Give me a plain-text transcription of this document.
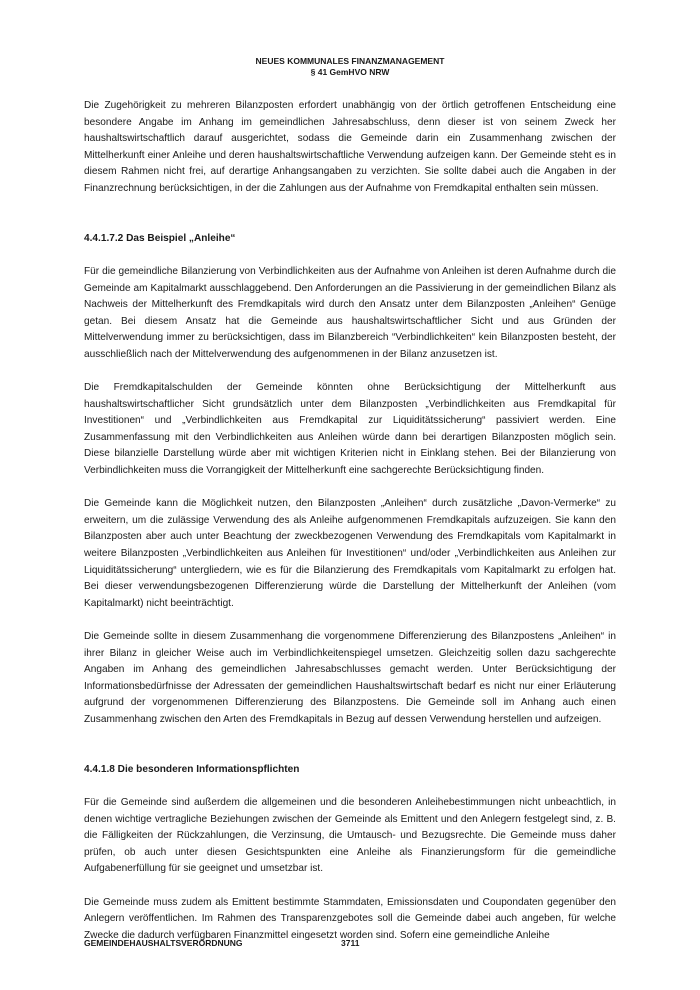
NEUES KOMMUNALES FINANZMANAGEMENT
§ 41 GemHVO NRW

Die Zugehörigkeit zu mehreren Bilanzposten erfordert unabhängig von der örtlich getroffenen Entscheidung eine besondere Angabe im Anhang im gemeindlichen Jahresabschluss, denn dieser ist von seinem Zweck her haushaltswirtschaftlich darauf ausgerichtet, sodass die Gemeinde darin ein Zusammenhang zwischen der Mittelherkunft einer Anleihe und deren haushaltswirtschaftliche Verwendung aufzeigen kann. Der Gemeinde steht es in diesem Rahmen nicht frei, auf derartige Anhangsangaben zu verzichten. Sie sollte dabei auch die Angaben in der Finanzrechnung berücksichtigen, in der die Zahlungen aus der Aufnahme von Fremdkapital enthalten sein müssen.

4.4.1.7.2 Das Beispiel „Anleihe“

Für die gemeindliche Bilanzierung von Verbindlichkeiten aus der Aufnahme von Anleihen ist deren Aufnahme durch die Gemeinde am Kapitalmarkt ausschlaggebend. Den Anforderungen an die Passivierung in der gemeindlichen Bilanz als Nachweis der Mittelherkunft des Fremdkapitals wird durch den Ansatz unter dem Bilanzposten „Anleihen“ Genüge getan. Bei diesem Ansatz hat die Gemeinde aus haushaltswirtschaftlicher Sicht und aus Gründen der Mittelverwendung immer zu berücksichtigen, dass im Bilanzbereich “Verbindlichkeiten“ kein Bilanzposten besteht, der ausschließlich nach der Mittelverwendung des aufgenommenen in der Bilanz anzusetzen ist.

Die Fremdkapitalschulden der Gemeinde könnten ohne Berücksichtigung der Mittelherkunft aus haushaltswirtschaftlicher Sicht grundsätzlich unter dem Bilanzposten „Verbindlichkeiten aus Fremdkapital für Investitionen“ und „Verbindlichkeiten aus Fremdkapital zur Liquiditätssicherung“ passiviert werden. Eine Zusammenfassung mit den Verbindlichkeiten aus Anleihen würde dann bei derartigen Bilanzposten möglich sein. Diese bilanzielle Darstellung würde aber mit wichtigen Kriterien nicht in Einklang stehen. Bei der Bilanzierung von Verbindlichkeiten muss die Vorrangigkeit der Mittelherkunft eine sachgerechte Berücksichtigung finden.

Die Gemeinde kann die Möglichkeit nutzen, den Bilanzposten „Anleihen“ durch zusätzliche „Davon-Vermerke“ zu erweitern, um die zulässige Verwendung des als Anleihe aufgenommenen Fremdkapitals aufzuzeigen. Sie kann den Bilanzposten aber auch unter Beachtung der zweckbezogenen Verwendung des Fremdkapitals vom Kapitalmarkt in weitere Bilanzposten „Verbindlichkeiten aus Anleihen für Investitionen“ und/oder „Verbindlichkeiten aus Anleihen zur Liquiditätssicherung“ untergliedern, wie es für die Bilanzierung des Fremdkapitals vom Kapitalmarkt zu erfolgen hat. Bei dieser verwendungsbezogenen Differenzierung würde die Darstellung der Mittelherkunft der Anleihen (vom Kapitalmarkt) nicht beeinträchtigt.

Die Gemeinde sollte in diesem Zusammenhang die vorgenommene Differenzierung des Bilanzpostens „Anleihen“ in ihrer Bilanz in gleicher Weise auch im Verbindlichkeitenspiegel umsetzen. Gleichzeitig sollen dazu sachgerechte Angaben im Anhang des gemeindlichen Jahresabschlusses gemacht werden. Unter Berücksichtigung der Informationsbedürfnisse der Adressaten der gemeindlichen Haushaltswirtschaft bedarf es nicht nur einer Erläuterung aufgrund der vorgenommenen Differenzierung des Bilanzpostens. Die Gemeinde soll im Anhang auch einen Zusammenhang zwischen den Arten des Fremdkapitals in Bezug auf dessen Verwendung herstellen und aufzeigen.

4.4.1.8 Die besonderen Informationspflichten

Für die Gemeinde sind außerdem die allgemeinen und die besonderen Anleihebestimmungen nicht unbeachtlich, in denen wichtige vertragliche Beziehungen zwischen der Gemeinde als Emittent und den Anlegern festgelegt sind, z. B. die Fälligkeiten der Rückzahlungen, die Verzinsung, die Umtausch- und Bezugsrechte. Die Gemeinde muss daher prüfen, ob auch unter diesen Gesichtspunkten eine Anleihe als Finanzierungsform für die gemeindliche Aufgabenerfüllung für sie geeignet und umsetzbar ist.

Die Gemeinde muss zudem als Emittent bestimmte Stammdaten, Emissionsdaten und Coupondaten gegenüber den Anlegern veröffentlichen. Im Rahmen des Transparenzgebotes soll die Gemeinde dabei auch angeben, für welche Zwecke die dadurch verfügbaren Finanzmittel eingesetzt worden sind. Sofern eine gemeindliche Anleihe

GEMEINDEHAUSHALTSVERORDNUNG	3711
